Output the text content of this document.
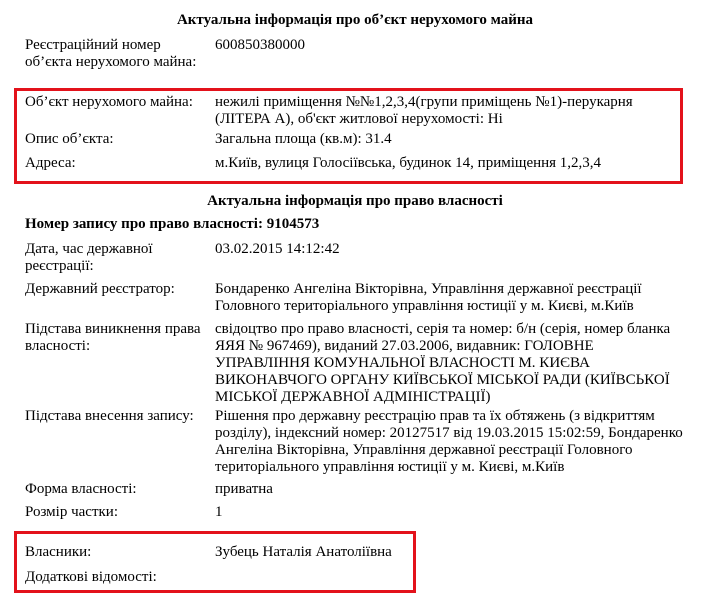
Актуальна інформація про об’єкт нерухомого майна
Реєстраційний номер об’єкта нерухомого майна:
600850380000
Об’єкт нерухомого майна:	нежилі приміщення №№1,2,3,4(групи приміщень №1)-перукарня (ЛІТЕРА А), об'єкт житлової нерухомості: Ні
Опис об’єкта:	Загальна площа (кв.м): 31.4
Адреса:	м.Київ, вулиця Голосіївська, будинок 14, приміщення 1,2,3,4
Актуальна інформація про право власності
Номер запису про право власності: 9104573
Дата, час державної реєстрації:
03.02.2015 14:12:42
Державний реєстратор:	Бондаренко Ангеліна Вікторівна, Управління державної реєстрації Головного територіального управління юстиції у м. Києві, м.Київ
Підстава виникнення права власності:
свідоцтво про право власності, серія та номер: б/н (серія, номер бланка ЯЯЯ № 967469), виданий 27.03.2006, видавник: ГОЛОВНЕ УПРАВЛІННЯ КОМУНАЛЬНОЇ ВЛАСНОСТІ М. КИЄВА ВИКОНАВЧОГО ОРГАНУ КИЇВСЬКОЇ МІСЬКОЇ РАДИ (КИЇВСЬКОЇ МІСЬКОЇ ДЕРЖАВНОЇ АДМІНІСТРАЦІЇ)
Підстава внесення запису:	Рішення про державну реєстрацію прав та їх обтяжень (з відкриттям розділу), індексний номер: 20127517 від 19.03.2015 15:02:59, Бондаренко Ангеліна Вікторівна, Управління державної реєстрації Головного територіального управління юстиції у м. Києві, м.Київ
Форма власності:	приватна
Розмір частки:	1
Власники:	Зубець Наталія Анатоліївна
Додаткові відомості:
